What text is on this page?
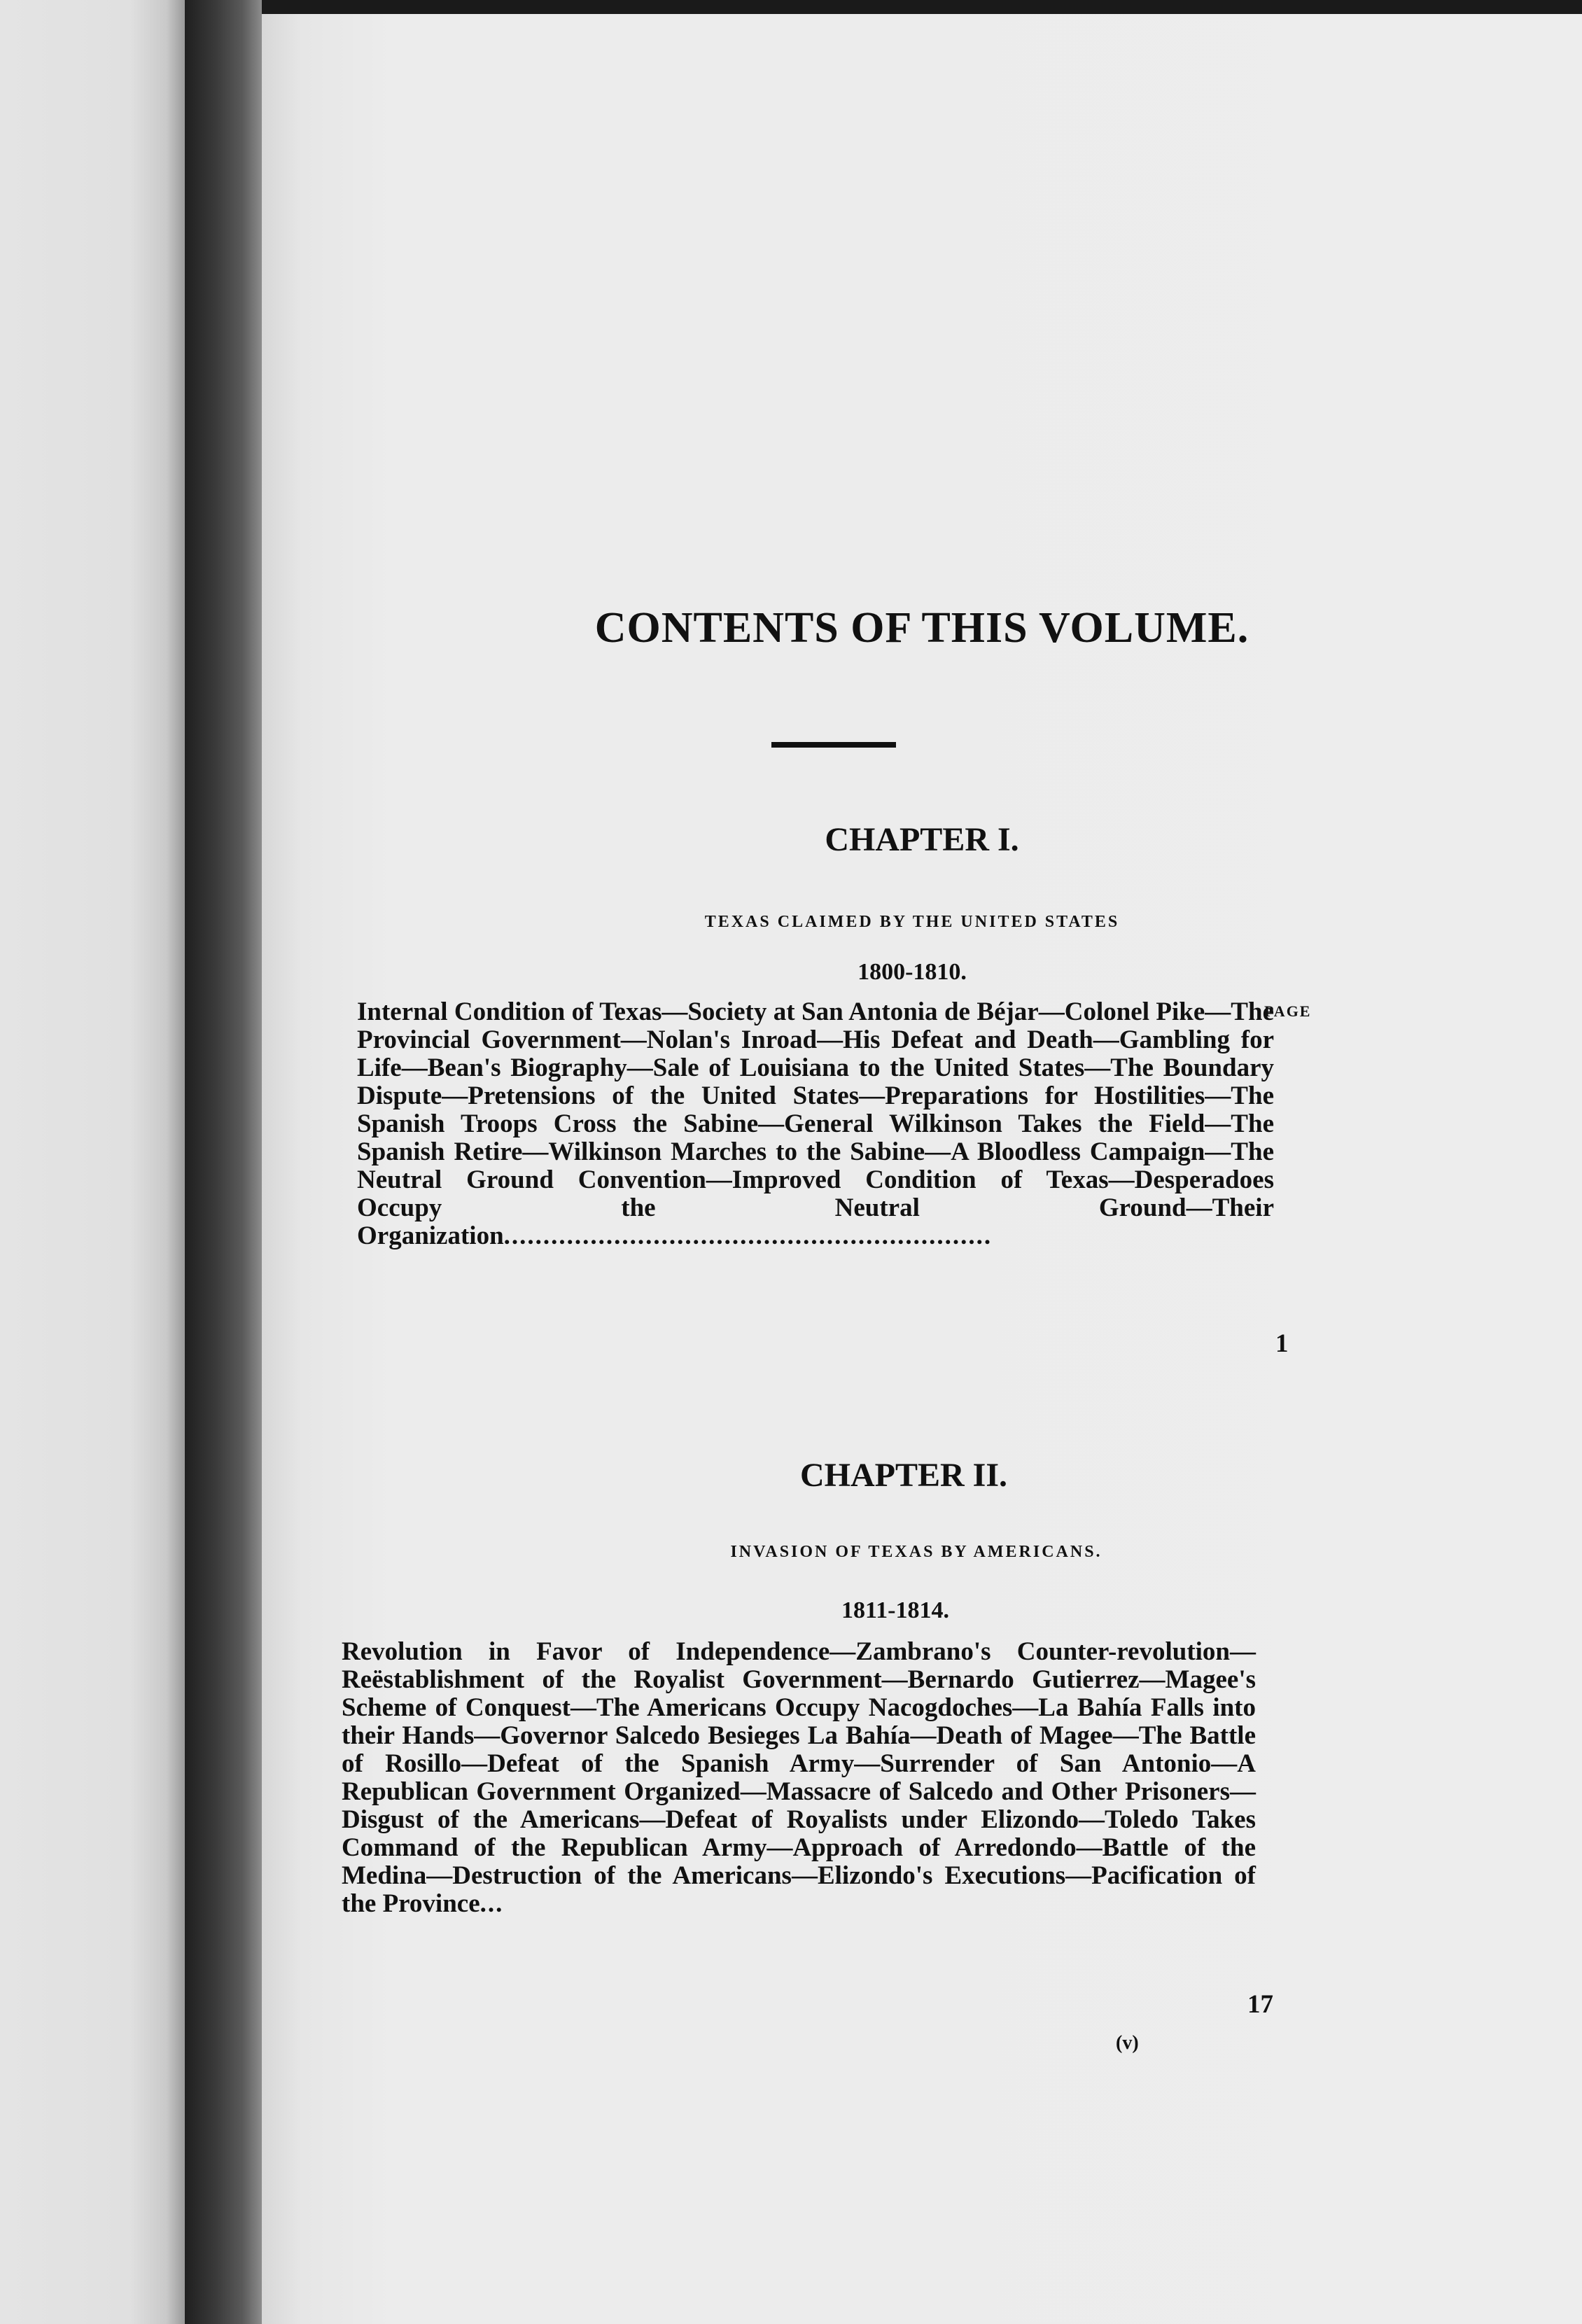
CONTENTS OF THIS VOLUME.
CHAPTER I.
TEXAS CLAIMED BY THE UNITED STATES
1800-1810.
PAGE

Internal Condition of Texas—Society at San Antonia de Béjar—Colonel Pike—The Provincial Government—Nolan's Inroad—His Defeat and Death—Gambling for Life—Bean's Biography—Sale of Louisiana to the United States—The Boundary Dispute—Pretensions of the United States—Preparations for Hostilities—The Spanish Troops Cross the Sabine—General Wilkinson Takes the Field—The Spanish Retire—Wilkinson Marches to the Sabine—A Bloodless Campaign—The Neutral Ground Convention—Improved Condition of Texas—Desperadoes Occupy the Neutral Ground—Their Organization..............................................................

1
CHAPTER II.
INVASION OF TEXAS BY AMERICANS.
1811-1814.

Revolution in Favor of Independence—Zambrano's Counter-revolution—Reëstablishment of the Royalist Government—Bernardo Gutierrez—Magee's Scheme of Conquest—The Americans Occupy Nacogdoches—La Bahía Falls into their Hands—Governor Salcedo Besieges La Bahía—Death of Magee—The Battle of Rosillo—Defeat of the Spanish Army—Surrender of San Antonio—A Republican Government Organized—Massacre of Salcedo and Other Prisoners—Disgust of the Americans—Defeat of Royalists under Elizondo—Toledo Takes Command of the Republican Army—Approach of Arredondo—Battle of the Medina—Destruction of the Americans—Elizondo's Executions—Pacification of the Province...

17
(v)
